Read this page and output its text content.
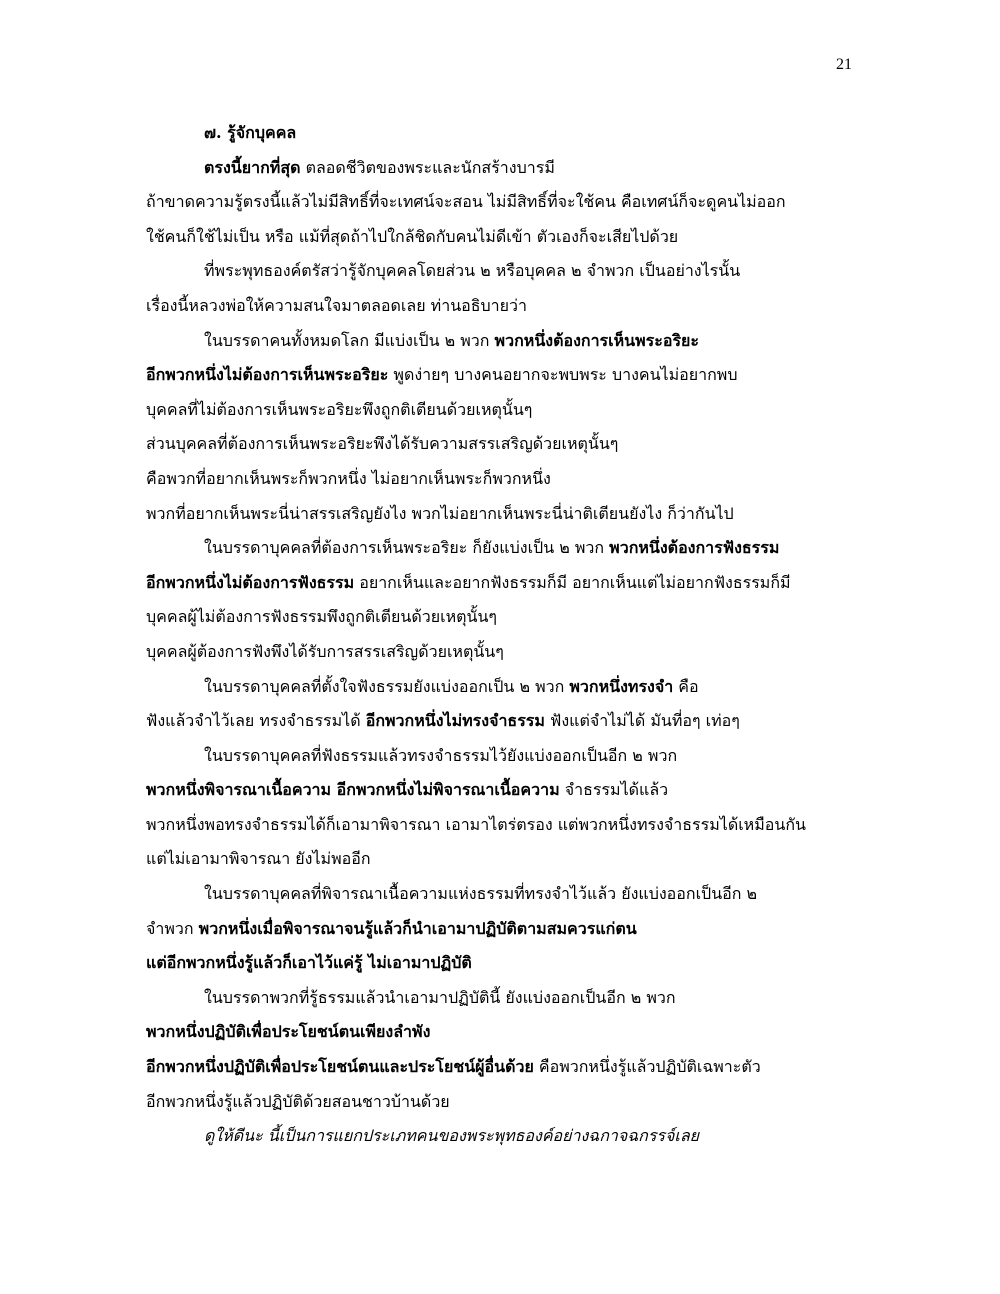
21
๗. รู้จักบุคคล
ตรงนี้ยากที่สุด ตลอดชีวิตของพระและนักสร้างบารมี
ถ้าขาดความรู้ตรงนี้แล้วไม่มีสิทธิ์ที่จะเทศน์จะสอน ไม่มีสิทธิ์ที่จะใช้คน คือเทศน์ก็จะดูคนไม่ออก
ใช้คนก็ใช้ไม่เป็น หรือ แม้ที่สุดถ้าไปใกล้ชิดกับคนไม่ดีเข้า ตัวเองก็จะเสียไปด้วย
ที่พระพุทธองค์ตรัสว่ารู้จักบุคคลโดยส่วน ๒ หรือบุคคล ๒ จำพวก เป็นอย่างไรนั้น
เรื่องนี้หลวงพ่อให้ความสนใจมาตลอดเลย ท่านอธิบายว่า
ในบรรดาคนทั้งหมดโลก มีแบ่งเป็น ๒ พวก พวกหนึ่งต้องการเห็นพระอริยะ
อีกพวกหนึ่งไม่ต้องการเห็นพระอริยะ พูดง่ายๆ บางคนอยากจะพบพระ บางคนไม่อยากพบ
บุคคลที่ไม่ต้องการเห็นพระอริยะพึงถูกติเตียนด้วยเหตุนั้นๆ
ส่วนบุคคลที่ต้องการเห็นพระอริยะพึงได้รับความสรรเสริญด้วยเหตุนั้นๆ
คือพวกที่อยากเห็นพระก็พวกหนึ่ง ไม่อยากเห็นพระก็พวกหนึ่ง
พวกที่อยากเห็นพระนี่น่าสรรเสริญยังไง พวกไม่อยากเห็นพระนี่น่าติเตียนยังไง ก็ว่ากันไป
ในบรรดาบุคคลที่ต้องการเห็นพระอริยะ ก็ยังแบ่งเป็น ๒ พวก พวกหนึ่งต้องการฟังธรรม
อีกพวกหนึ่งไม่ต้องการฟังธรรม อยากเห็นและอยากฟังธรรมก็มี อยากเห็นแต่ไม่อยากฟังธรรมก็มี
บุคคลผู้ไม่ต้องการฟังธรรมพึงถูกติเตียนด้วยเหตุนั้นๆ
บุคคลผู้ต้องการฟังพึงได้รับการสรรเสริญด้วยเหตุนั้นๆ
ในบรรดาบุคคลที่ตั้งใจฟังธรรมยังแบ่งออกเป็น ๒ พวก พวกหนึ่งทรงจำ คือ
ฟังแล้วจำไว้เลย ทรงจำธรรมได้ อีกพวกหนึ่งไม่ทรงจำธรรม ฟังแต่จำไม่ได้ มันที่อๆ เท่อๆ
ในบรรดาบุคคลที่ฟังธรรมแล้วทรงจำธรรมไว้ยังแบ่งออกเป็นอีก ๒ พวก
พวกหนึ่งพิจารณาเนื้อความ อีกพวกหนึ่งไม่พิจารณาเนื้อความ จำธรรมได้แล้ว
พวกหนึ่งพอทรงจำธรรมได้ก็เอามาพิจารณา เอามาไตร่ตรอง แต่พวกหนึ่งทรงจำธรรมได้เหมือนกัน
แต่ไม่เอามาพิจารณา ยังไม่พออีก
ในบรรดาบุคคลที่พิจารณาเนื้อความแห่งธรรมที่ทรงจำไว้แล้ว ยังแบ่งออกเป็นอีก ๒
จำพวก พวกหนึ่งเมื่อพิจารณาจนรู้แล้วก็นำเอามาปฏิบัติตามสมควรแก่ตน
แต่อีกพวกหนึ่งรู้แล้วก็เอาไว้แค่รู้ ไม่เอามาปฏิบัติ
ในบรรดาพวกที่รู้ธรรมแล้วนำเอามาปฏิบัตินี้ ยังแบ่งออกเป็นอีก ๒ พวก
พวกหนึ่งปฏิบัติเพื่อประโยชน์ตนเพียงลำพัง
อีกพวกหนึ่งปฏิบัติเพื่อประโยชน์ตนและประโยชน์ผู้อื่นด้วย คือพวกหนึ่งรู้แล้วปฏิบัติเฉพาะตัว
อีกพวกหนึ่งรู้แล้วปฏิบัติด้วยสอนชาวบ้านด้วย
ดูให้ดีนะ นี้เป็นการแยกประเภทคนของพระพุทธองค์อย่างฉกาจฉกรรจ์เลย
